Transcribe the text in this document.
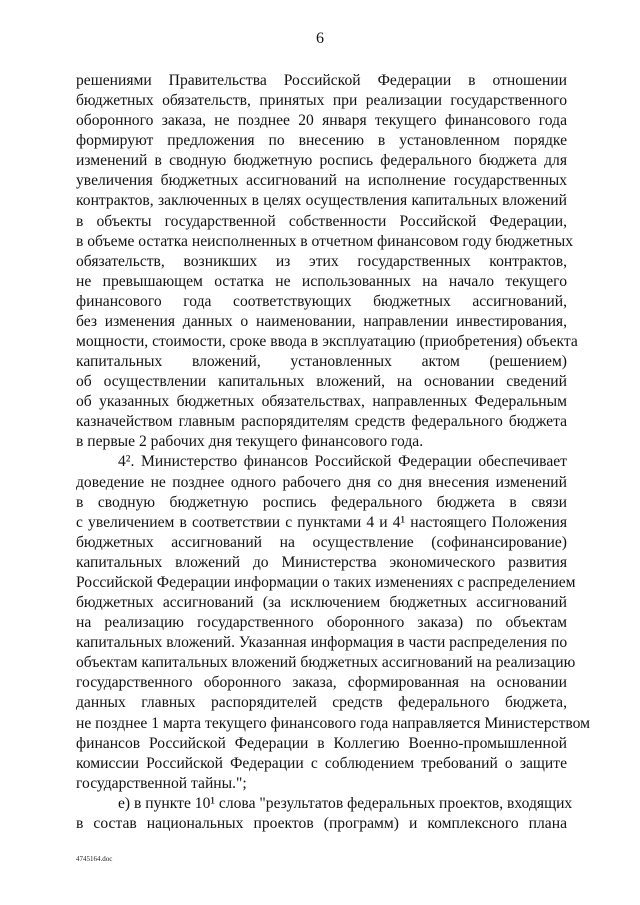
6
решениями Правительства Российской Федерации в отношении
бюджетных обязательств, принятых при реализации государственного
оборонного заказа, не позднее 20 января текущего финансового года
формируют предложения по внесению в установленном порядке
изменений в сводную бюджетную роспись федерального бюджета для
увеличения бюджетных ассигнований на исполнение государственных
контрактов, заключенных в целях осуществления капитальных вложений
в объекты государственной собственности Российской Федерации,
в объеме остатка неисполненных в отчетном финансовом году бюджетных
обязательств, возникших из этих государственных контрактов,
не превышающем остатка не использованных на начало текущего
финансового года соответствующих бюджетных ассигнований,
без изменения данных о наименовании, направлении инвестирования,
мощности, стоимости, сроке ввода в эксплуатацию (приобретения) объекта
капитальных вложений, установленных актом (решением)
об осуществлении капитальных вложений, на основании сведений
об указанных бюджетных обязательствах, направленных Федеральным
казначейством главным распорядителям средств федерального бюджета
в первые 2 рабочих дня текущего финансового года.
4². Министерство финансов Российской Федерации обеспечивает
доведение не позднее одного рабочего дня со дня внесения изменений
в сводную бюджетную роспись федерального бюджета в связи
с увеличением в соответствии с пунктами 4 и 4¹ настоящего Положения
бюджетных ассигнований на осуществление (софинансирование)
капитальных вложений до Министерства экономического развития
Российской Федерации информации о таких изменениях с распределением
бюджетных ассигнований (за исключением бюджетных ассигнований
на реализацию государственного оборонного заказа) по объектам
капитальных вложений. Указанная информация в части распределения по
объектам капитальных вложений бюджетных ассигнований на реализацию
государственного оборонного заказа, сформированная на основании
данных главных распорядителей средств федерального бюджета,
не позднее 1 марта текущего финансового года направляется Министерством
финансов Российской Федерации в Коллегию Военно-промышленной
комиссии Российской Федерации с соблюдением требований о защите
государственной тайны.";
е) в пункте 10¹ слова "результатов федеральных проектов, входящих
в состав национальных проектов (программ) и комплексного плана
4745164.doc
